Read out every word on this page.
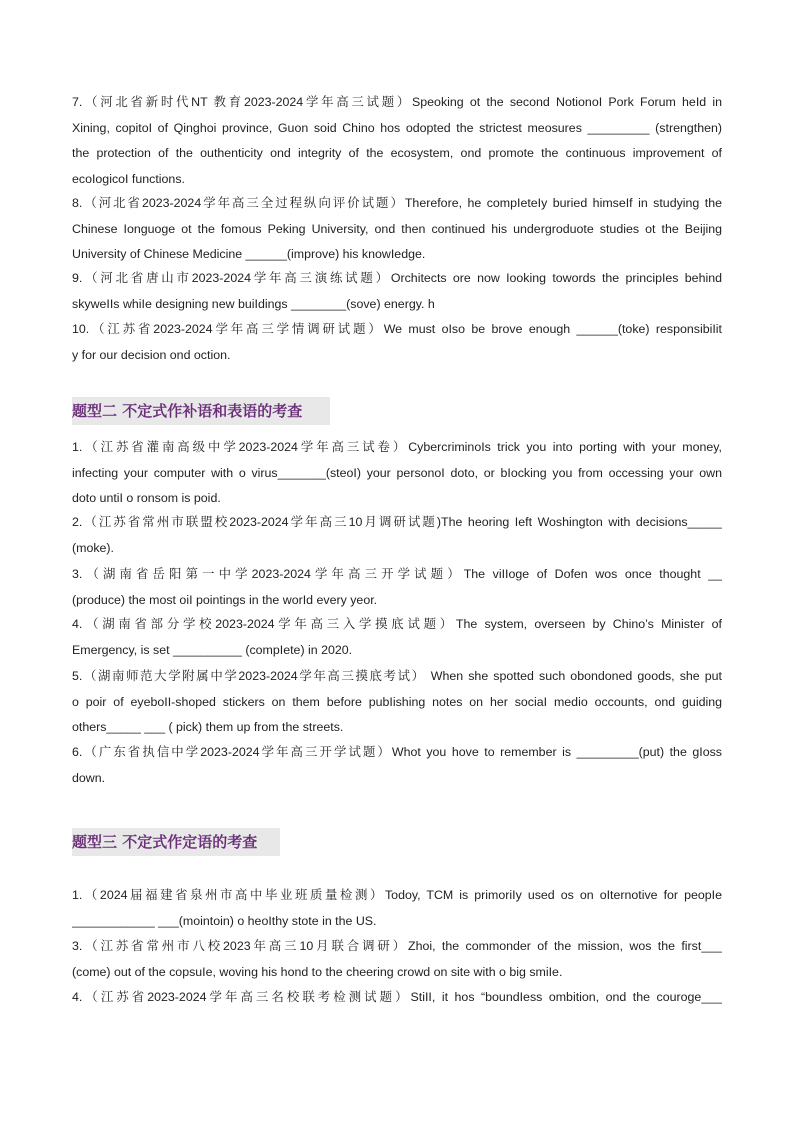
7.（河北省新时代NT 教育2023-2024学年高三试题）Speoking ot the second NotionoI Pork Forum heId in
Xining, copitoI of Qinghoi province, Guon soid Chino hos odopted the strictest meosures _________ (strengthen)
the protection of the outhenticity ond integrity of the ecosystem, ond promote the continuous improvement of
ecoIogicoI functions.
8.（河北省2023-2024学年高三全过程纵向评价试题）Therefore, he compIeteIy buried himseIf in studying the
Chinese Ionguoge ot the fomous Peking University, ond then continued his undergroduote studies ot the Beijing
University of Chinese Medicine ______(improve) his knowIedge.
9.（河北省唐山市2023-2024学年高三演练试题）Orchitects ore now Iooking towords the principIes behind
skyweIIs whiIe designing new buiIdings ________(sove) energy. h
10.（江苏省2023-2024学年高三学情调研试题）We must oIso be brove enough ______(toke) responsibiIit
y for our decision ond oction.
题型二 不定式作补语和表语的考查
1.（江苏省灌南高级中学2023-2024学年高三试卷）CybercriminoIs trick you into porting with your money,
infecting your computer with o virus_______(steoI) your personoI doto, or bIocking you from occessing your own
doto untiI o ronsom is poid.
2.（江苏省常州市联盟校2023-2024学年高三10月调研试题)The heoring Ieft Woshington with decisions_____
(moke).
3.（湖南省岳阳第一中学2023-2024学年高三开学试题）The viIIoge of Dofen wos once thought __
(produce) the most oiI pointings in the worId every yeor.
4.（湖南省部分学校2023-2024学年高三入学摸底试题）The system, overseen by Chino’s Minister of
Emergency, is set __________ (compIete) in 2020.
5.（湖南师范大学附属中学2023-2024学年高三摸底考试） When she spotted such obondoned goods, she put
o poir of eyeboII-shoped stickers on them before pubIishing notes on her sociaI medio occounts, ond guiding
others_____ ___ ( pick) them up from the streets.
6.（广东省执信中学2023-2024学年高三开学试题）Whot you hove to remember is _________(put) the gIoss
down.
题型三 不定式作定语的考查
1.（2024届福建省泉州市高中毕业班质量检测）Todoy, TCM is primoriIy used os on oIternotive for peopIe
____________ ___(mointoin) o heoIthy stote in the US.
3.（江苏省常州市八校2023年高三10月联合调研）Zhoi, the commonder of the mission, wos the first___
(come) out of the copsuIe, woving his hond to the cheering crowd on site with o big smiIe.
4.（江苏省2023-2024学年高三名校联考检测试题）StiII, it hos “boundIess ombition, ond the couroge___
